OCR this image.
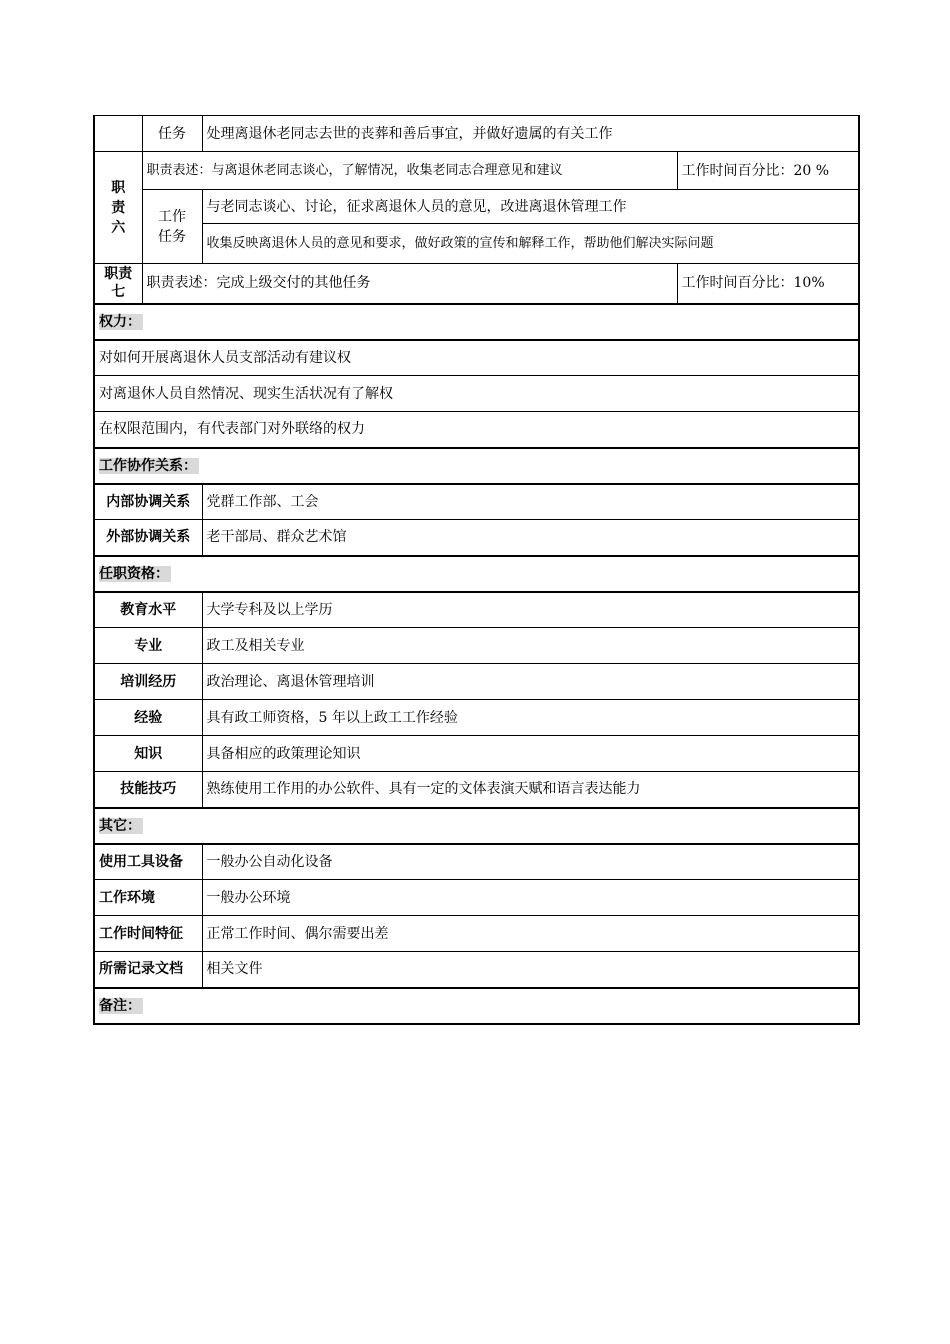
	任务	处理离退休老同志去世的丧葬和善后事宜，并做好遗属的有关工作	
职责六	职责表述：与离退休老同志谈心，了解情况，收集老同志合理意见和建议		工作时间百分比：20 %
	工作任务	与老同志谈心、讨论，征求离退休人员的意见，改进离退休管理工作	
		收集反映离退休人员的意见和要求，做好政策的宣传和解释工作，帮助他们解决实际问题	
职责七	职责表述：完成上级交付的其他任务		工作时间百分比：10%
权力：			
对如何开展离退休人员支部活动有建议权			
对离退休人员自然情况、现实生活状况有了解权			
在权限范围内，有代表部门对外联络的权力			
工作协作关系：			
内部协调关系		党群工作部、工会	
外部协调关系		老干部局、群众艺术馆	
任职资格：			
教育水平		大学专科及以上学历	
专业		政工及相关专业	
培训经历		政治理论、离退休管理培训	
经验		具有政工师资格，5 年以上政工工作经验	
知识		具备相应的政策理论知识	
技能技巧		熟练使用工作用的办公软件、具有一定的文体表演天赋和语言表达能力	
其它：			
使用工具设备		一般办公自动化设备	
工作环境		一般办公环境	
工作时间特征		正常工作时间、偶尔需要出差	
所需记录文档		相关文件	
备注：			
